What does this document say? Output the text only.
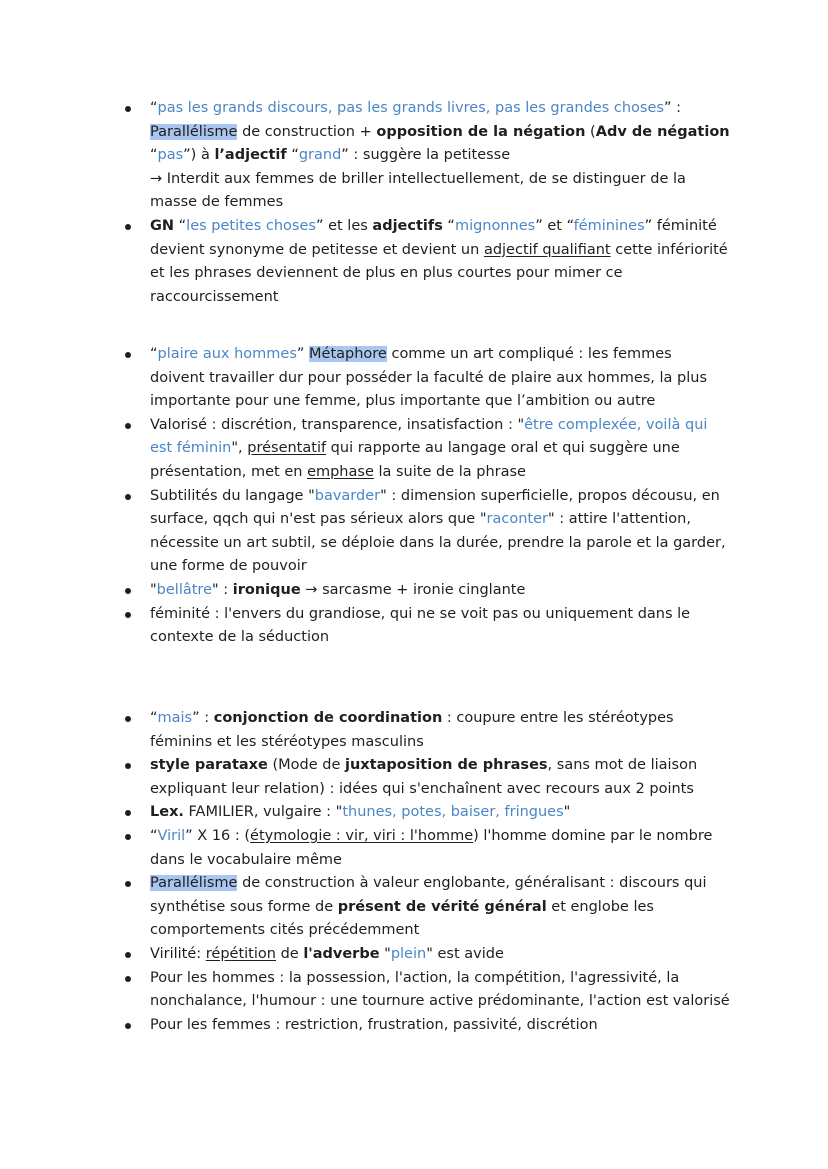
“pas les grands discours, pas les grands livres, pas les grandes choses” :
Parallélisme de construction + opposition de la négation (Adv de négation
“pas”) à l’adjectif “grand” : suggère la petitesse
→ Interdit aux femmes de briller intellectuellement, de se distinguer de la masse de femmes
GN “les petites choses” et les adjectifs “mignonnes” et “féminines” féminité devient synonyme de petitesse et devient un adjectif qualifiant cette infériorité et les phrases deviennent de plus en plus courtes pour mimer ce raccourcissement
“plaire aux hommes” Métaphore comme un art compliqué : les femmes doivent travailler dur pour posséder la faculté de plaire aux hommes, la plus importante pour une femme, plus importante que l’ambition ou autre
Valorisé : discrétion, transparence, insatisfaction : "être complexée, voilà qui est féminin", présentatif qui rapporte au langage oral et qui suggère une présentation, met en emphase la suite de la phrase
Subtilités du langage "bavarder" : dimension superficielle, propos décousu, en surface, qqch qui n'est pas sérieux alors que "raconter" : attire l'attention, nécessite un art subtil, se déploie dans la durée, prendre la parole et la garder, une forme de pouvoir
"bellâtre" : ironique → sarcasme + ironie cinglante
féminité : l'envers du grandiose, qui ne se voit pas ou uniquement dans le contexte de la séduction
“mais” : conjonction de coordination : coupure entre les stéréotypes féminins et les stéréotypes masculins
style parataxe (Mode de juxtaposition de phrases, sans mot de liaison expliquant leur relation) : idées qui s'enchaînent avec recours aux 2 points
Lex. FAMILIER, vulgaire : "thunes, potes, baiser, fringues"
“Viril” X 16 : (étymologie : vir, viri : l'homme) l'homme domine par le nombre dans le vocabulaire même
Parallélisme de construction à valeur englobante, généralisant : discours qui synthétise sous forme de présent de vérité général et englobe les comportements cités précédemment
Virilité: répétition de l'adverbe "plein" est avide
Pour les hommes : la possession, l'action, la compétition, l'agressivité, la nonchalance, l'humour : une tournure active prédominante, l'action est valorisé
Pour les femmes : restriction, frustration, passivité, discrétion
